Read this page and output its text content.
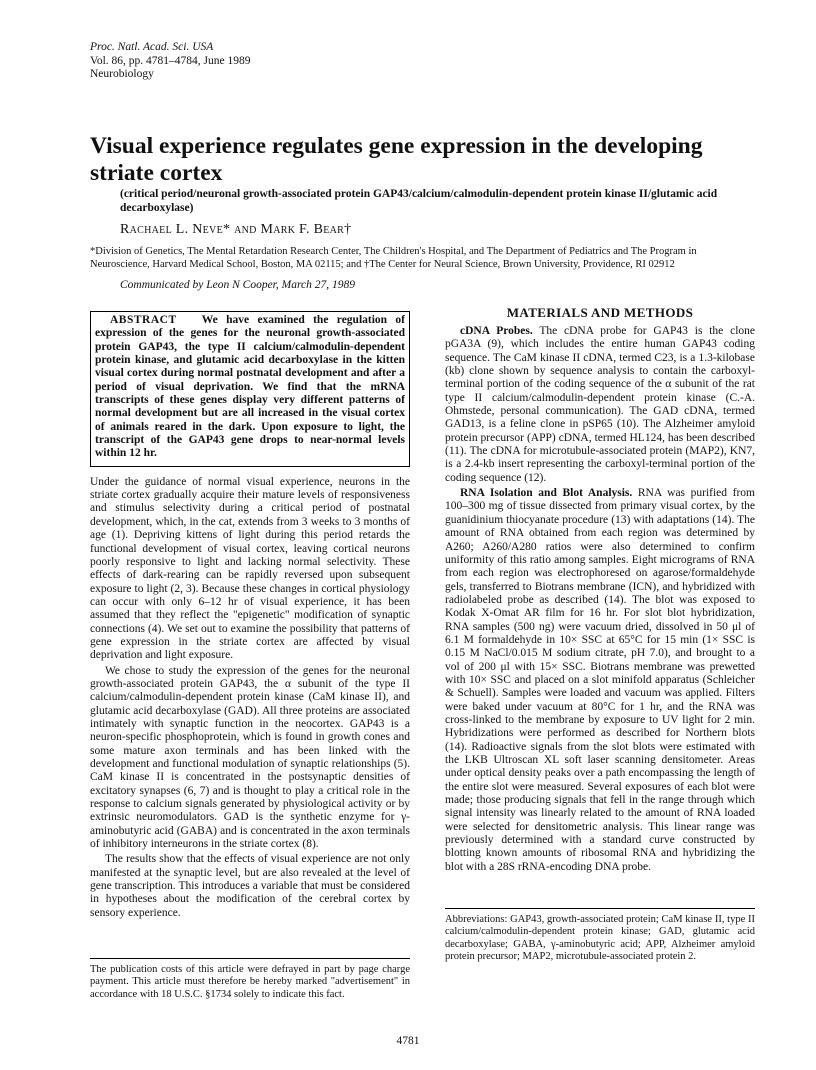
Proc. Natl. Acad. Sci. USA
Vol. 86, pp. 4781–4784, June 1989
Neurobiology
Visual experience regulates gene expression in the developing striate cortex

(critical period/neuronal growth-associated protein GAP43/calcium/calmodulin-dependent protein kinase II/glutamic acid decarboxylase)

Rachael L. Neve* and Mark F. Bear†

*Division of Genetics, The Mental Retardation Research Center, The Children's Hospital, and The Department of Pediatrics and The Program in Neuroscience, Harvard Medical School, Boston, MA 02115; and †The Center for Neural Science, Brown University, Providence, RI 02912

Communicated by Leon N Cooper, March 27, 1989

ABSTRACT We have examined the regulation of expression of the genes for the neuronal growth-associated protein GAP43, the type II calcium/calmodulin-dependent protein kinase, and glutamic acid decarboxylase in the kitten visual cortex during normal postnatal development and after a period of visual deprivation. We find that the mRNA transcripts of these genes display very different patterns of normal development but are all increased in the visual cortex of animals reared in the dark. Upon exposure to light, the transcript of the GAP43 gene drops to near-normal levels within 12 hr.

Under the guidance of normal visual experience, neurons in the striate cortex gradually acquire their mature levels of responsiveness and stimulus selectivity during a critical period of postnatal development, which, in the cat, extends from 3 weeks to 3 months of age (1). Depriving kittens of light during this period retards the functional development of visual cortex, leaving cortical neurons poorly responsive to light and lacking normal selectivity. These effects of dark-rearing can be rapidly reversed upon subsequent exposure to light (2, 3). Because these changes in cortical physiology can occur with only 6–12 hr of visual experience, it has been assumed that they reflect the "epigenetic" modification of synaptic connections (4). We set out to examine the possibility that patterns of gene expression in the striate cortex are affected by visual deprivation and light exposure.

We chose to study the expression of the genes for the neuronal growth-associated protein GAP43, the α subunit of the type II calcium/calmodulin-dependent protein kinase (CaM kinase II), and glutamic acid decarboxylase (GAD). All three proteins are associated intimately with synaptic function in the neocortex. GAP43 is a neuron-specific phosphoprotein, which is found in growth cones and some mature axon terminals and has been linked with the development and functional modulation of synaptic relationships (5). CaM kinase II is concentrated in the postsynaptic densities of excitatory synapses (6, 7) and is thought to play a critical role in the response to calcium signals generated by physiological activity or by extrinsic neuromodulators. GAD is the synthetic enzyme for γ-aminobutyric acid (GABA) and is concentrated in the axon terminals of inhibitory interneurons in the striate cortex (8).

The results show that the effects of visual experience are not only manifested at the synaptic level, but are also revealed at the level of gene transcription. This introduces a variable that must be considered in hypotheses about the modification of the cerebral cortex by sensory experience.

MATERIALS AND METHODS

cDNA Probes. The cDNA probe for GAP43 is the clone pGA3A (9), which includes the entire human GAP43 coding sequence. The CaM kinase II cDNA, termed C23, is a 1.3-kilobase (kb) clone shown by sequence analysis to contain the carboxyl-terminal portion of the coding sequence of the α subunit of the rat type II calcium/calmodulin-dependent protein kinase (C.-A. Ohmstede, personal communication). The GAD cDNA, termed GAD13, is a feline clone in pSP65 (10). The Alzheimer amyloid protein precursor (APP) cDNA, termed HL124, has been described (11). The cDNA for microtubule-associated protein (MAP2), KN7, is a 2.4-kb insert representing the carboxyl-terminal portion of the coding sequence (12).

RNA Isolation and Blot Analysis. RNA was purified from 100–300 mg of tissue dissected from primary visual cortex, by the guanidinium thiocyanate procedure (13) with adaptations (14). The amount of RNA obtained from each region was determined by A260; A260/A280 ratios were also determined to confirm uniformity of this ratio among samples. Eight micrograms of RNA from each region was electrophoresed on agarose/formaldehyde gels, transferred to Biotrans membrane (ICN), and hybridized with radiolabeled probe as described (14). The blot was exposed to Kodak X-Omat AR film for 16 hr. For slot blot hybridization, RNA samples (500 ng) were vacuum dried, dissolved in 50 μl of 6.1 M formaldehyde in 10× SSC at 65°C for 15 min (1× SSC is 0.15 M NaCl/0.015 M sodium citrate, pH 7.0), and brought to a vol of 200 μl with 15× SSC. Biotrans membrane was prewetted with 10× SSC and placed on a slot minifold apparatus (Schleicher & Schuell). Samples were loaded and vacuum was applied. Filters were baked under vacuum at 80°C for 1 hr, and the RNA was cross-linked to the membrane by exposure to UV light for 2 min. Hybridizations were performed as described for Northern blots (14). Radioactive signals from the slot blots were estimated with the LKB Ultroscan XL soft laser scanning densitometer. Areas under optical density peaks over a path encompassing the length of the entire slot were measured. Several exposures of each blot were made; those producing signals that fell in the range through which signal intensity was linearly related to the amount of RNA loaded were selected for densitometric analysis. This linear range was previously determined with a standard curve constructed by blotting known amounts of ribosomal RNA and hybridizing the blot with a 28S rRNA-encoding DNA probe.

Abbreviations: GAP43, growth-associated protein; CaM kinase II, type II calcium/calmodulin-dependent protein kinase; GAD, glutamic acid decarboxylase; GABA, γ-aminobutyric acid; APP, Alzheimer amyloid protein precursor; MAP2, microtubule-associated protein 2.
The publication costs of this article were defrayed in part by page charge payment. This article must therefore be hereby marked "advertisement" in accordance with 18 U.S.C. §1734 solely to indicate this fact.
4781
